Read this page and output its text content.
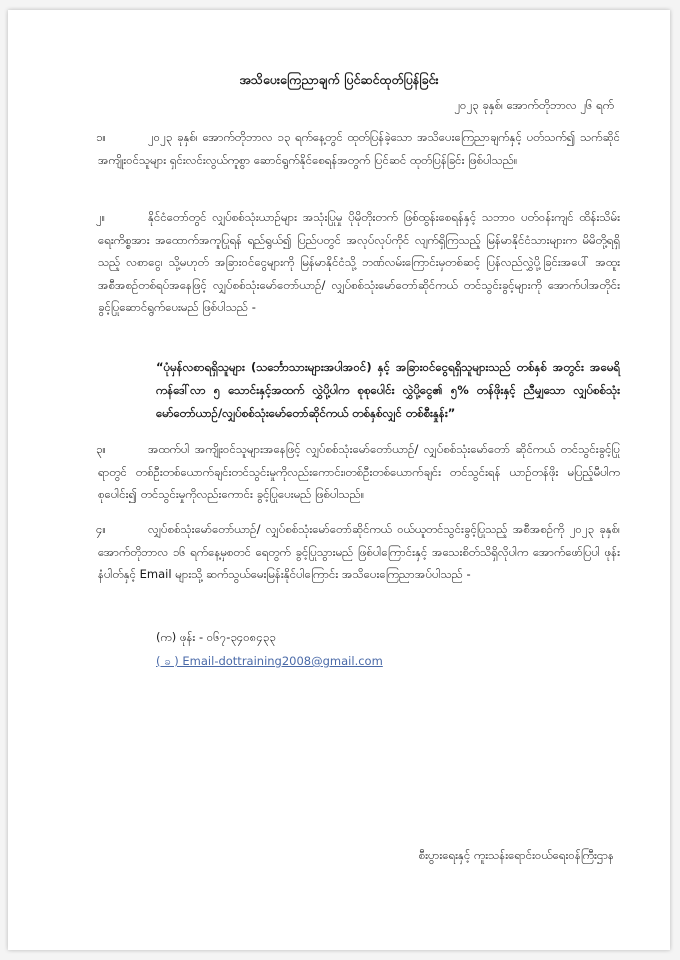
အသိပေးကြေညာချက် ပြင်ဆင်ထုတ်ပြန်ခြင်း
၂၀၂၃ ခုနှစ်၊ အောက်တိုဘာလ ၂၆ ရက်
၁။	၂၀၂၃ ခုနှစ်၊ အောက်တိုဘာလ ၁၃ ရက်နေ့တွင် ထုတ်ပြန်ခဲ့သော အသိပေးကြေညာချက်နှင့် ပတ်သက်၍ သက်ဆိုင်အကျိုးဝင်သူများ ရှင်းလင်းလွယ်ကူစွာ ဆောင်ရွက်နိုင်စေရန်အတွက် ပြင်ဆင် ထုတ်ပြန်ခြင်း ဖြစ်ပါသည်။
၂။	နိုင်ငံတော်တွင် လျှပ်စစ်သုံးယာဉ်များ အသုံးပြုမှု ပိုမိုတိုးတက် ဖြစ်ထွန်းစေရန်နှင့် သဘာဝ ပတ်ဝန်းကျင် ထိန်းသိမ်းရေးကိစ္စအား အထောက်အကူပြုရန် ရည်ရွယ်၍ ပြည်ပတွင် အလုပ်လုပ်ကိုင် လျက်ရှိကြသည့် မြန်မာနိုင်ငံသားများက မိမိတို့ရရှိသည့် လစာငွေ၊ သို့မဟုတ် အခြားဝင်ငွေများကို မြန်မာနိုင်ငံသို့ ဘဏ်လမ်းကြောင်းမှတစ်ဆင့် ပြန်လည်လွှဲပို့ခြင်းအပေါ် အထူးအစီအစဉ်တစ်ရပ်အနေဖြင့် လျှပ်စစ်သုံးမော်တော်ယာဉ်/ လျှပ်စစ်သုံးမော်တော်ဆိုင်ကယ် တင်သွင်းခွင့်များကို အောက်ပါအတိုင်း ခွင့်ပြုဆောင်ရွက်ပေးမည် ဖြစ်ပါသည် -
“ပုံမှန်လစာရရှိသူများ (သင်္ဘောသားများအပါအဝင်) နှင့် အခြားဝင်ငွေရရှိသူများသည် တစ်နှစ် အတွင်း အမေရိကန်ဒေါ်လာ ၅ သောင်းနှင့်အထက် လွှဲပို့ပါက စုစုပေါင်း လွှဲပို့ငွေ၏ ၅% တန်ဖိုးနှင့် ညီမျှသော လျှပ်စစ်သုံးမော်တော်ယာဉ်/လျှပ်စစ်သုံးမော်တော်ဆိုင်ကယ် တစ်နှစ်လျှင် တစ်စီးနှုန်း”
၃။	အထက်ပါ အကျိုးဝင်သူများအနေဖြင့် လျှပ်စစ်သုံးမော်တော်ယာဉ်/ လျှပ်စစ်သုံးမော်တော် ဆိုင်ကယ် တင်သွင်းခွင့်ပြုရာတွင် တစ်ဦးတစ်ယောက်ချင်းတင်သွင်းမှုကိုလည်းကောင်း၊တစ်ဦးတစ်ယောက်ချင်း တင်သွင်းရန် ယာဉ်တန်ဖိုး မပြည့်မီပါက စုပေါင်း၍ တင်သွင်းမှုကိုလည်းကောင်း ခွင့်ပြုပေးမည် ဖြစ်ပါသည်။
၄။	လျှပ်စစ်သုံးမော်တော်ယာဉ်/ လျှပ်စစ်သုံးမော်တော်ဆိုင်ကယ် ဝယ်ယူတင်သွင်းခွင့်ပြုသည့် အစီအစဉ်ကို ၂၀၂၃ ခုနှစ်၊ အောက်တိုဘာလ ၁၆ ရက်နေ့မှစတင် ရေတွက် ခွင့်ပြုသွားမည် ဖြစ်ပါကြောင်းနှင့် အသေးစိတ်သိရှိလိုပါက အောက်ဖော်ပြပါ ဖုန်းနံပါတ်နှင့် Email များသို့ ဆက်သွယ်မေးမြန်းနိုင်ပါကြောင်း အသိပေးကြေညာအပ်ပါသည် -
(က) ဖုန်း - ၀၆၇-၃၄၀၈၄၃၃
( ခ ) Email-dottraining2008@gmail.com
စီးပွားရေးနှင့် ကူးသန်းရောင်းဝယ်ရေးဝန်ကြီးဌာန
